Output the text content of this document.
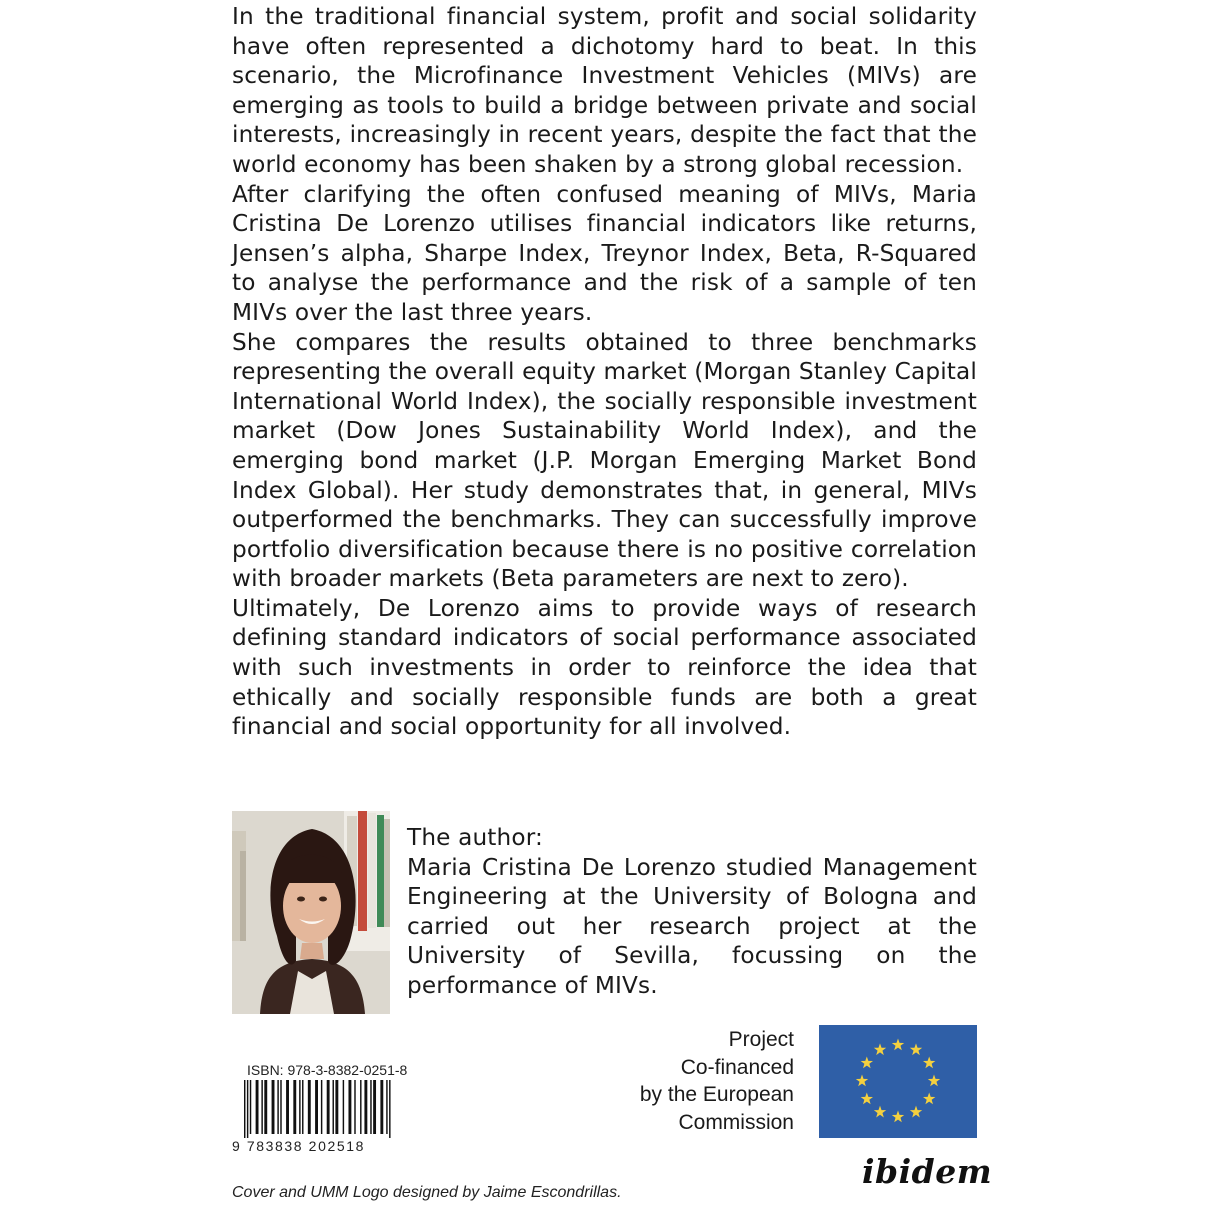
In the traditional financial system, profit and social solidarity have often represented a dichotomy hard to beat. In this scenario, the Microfinance Investment Vehicles (MIVs) are emerging as tools to build a bridge between private and social interests, increasingly in recent years, despite the fact that the world economy has been shaken by a strong global recession.

After clarifying the often confused meaning of MIVs, Maria Cristina De Lorenzo utilises financial indicators like returns, Jensen’s alpha, Sharpe Index, Treynor Index, Beta, R-Squared to analyse the performance and the risk of a sample of ten MIVs over the last three years.

She compares the results obtained to three benchmarks representing the overall equity market (Morgan Stanley Capital International World Index), the socially responsible investment market (Dow Jones Sustainability World Index), and the emerging bond market (J.P. Morgan Emerging Market Bond Index Global). Her study demonstrates that, in general, MIVs outperformed the benchmarks. They can successfully improve portfolio diversification because there is no positive correlation with broader markets (Beta parameters are next to zero).

Ultimately, De Lorenzo aims to provide ways of research defining standard indicators of social performance associated with such investments in order to reinforce the idea that ethically and socially responsible funds are both a great financial and social opportunity for all involved.

The author:
Maria Cristina De Lorenzo studied Management Engineering at the University of Bologna and carried out her research project at the University of Sevilla, focussing on the performance of MIVs.
ISBN: 978-3-8382-0251-8
9 783838 202518
Project
Co-financed
by the European
Commission
ibidem
Cover and UMM Logo designed by Jaime Escondrillas.
